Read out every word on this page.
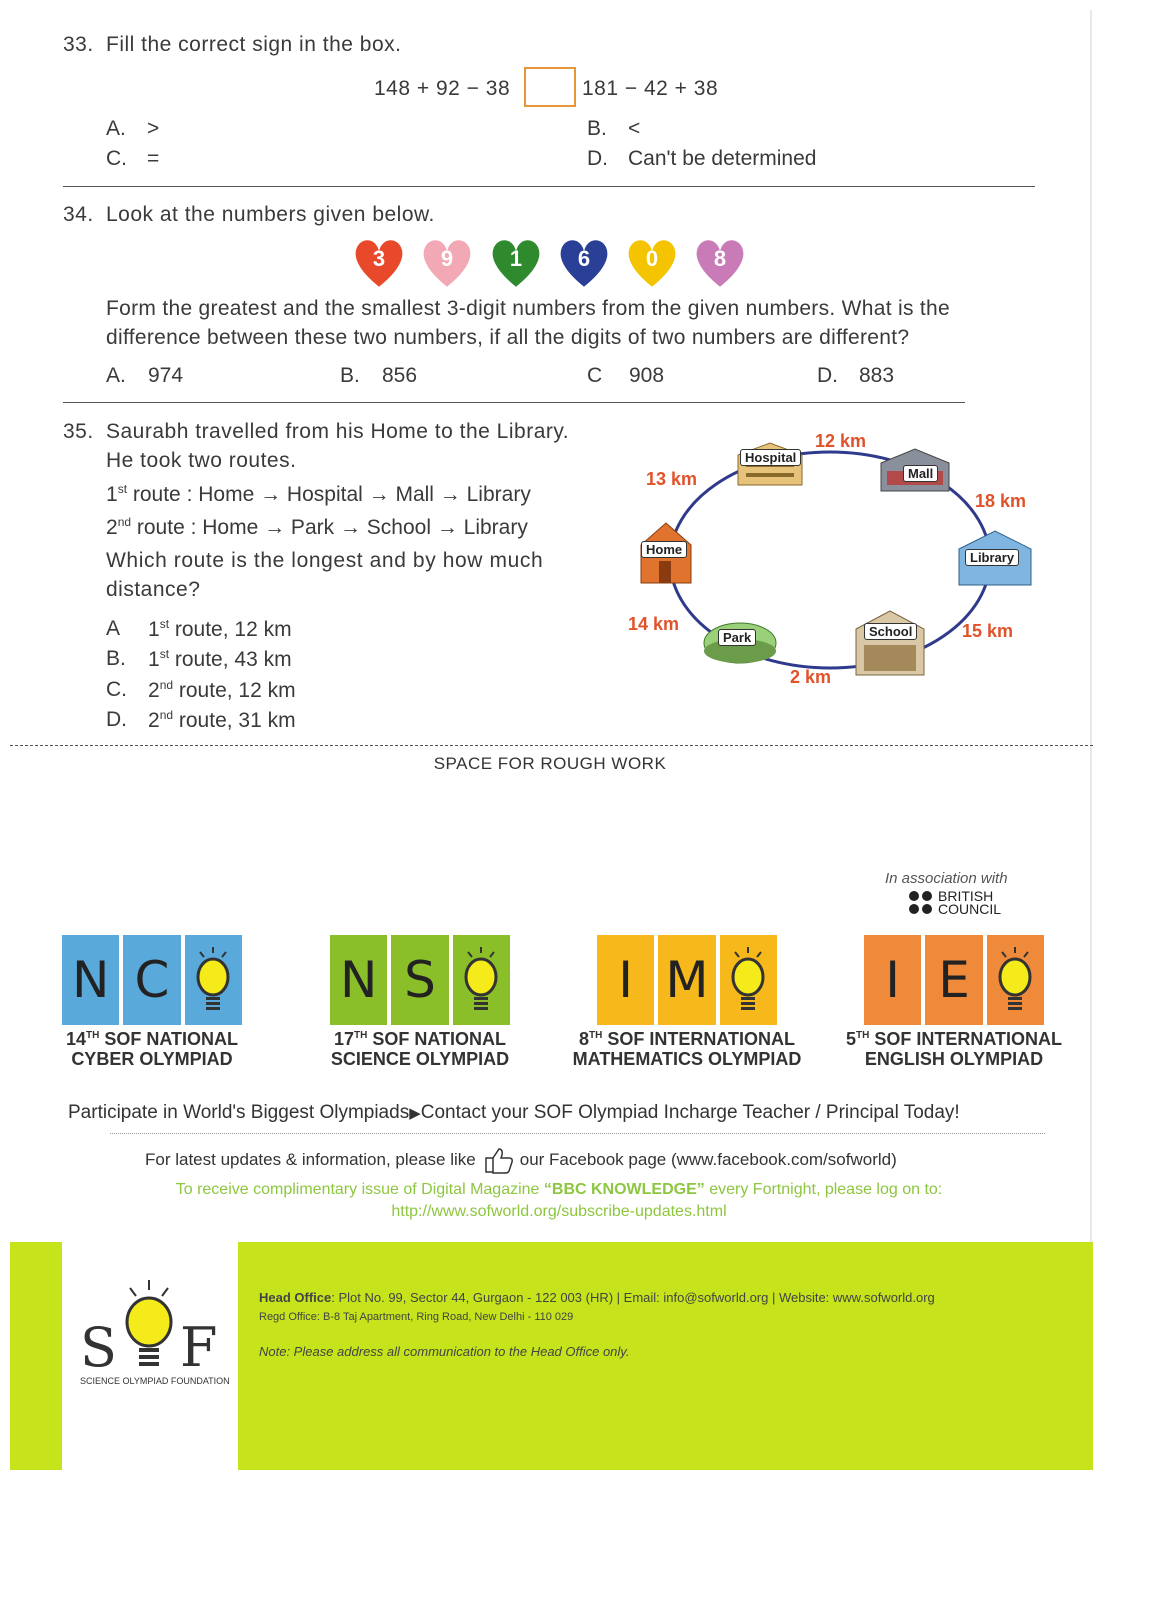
33. Fill the correct sign in the box.
148 + 92 − 38	181 − 42 + 38
A. >	B. <
C. =	D. Can't be determined
34. Look at the numbers given below.
3	9	1	6	0	8
Form the greatest and the smallest 3-digit numbers from the given numbers. What is the
difference between these two numbers, if all the digits of two numbers are different?
A. 974	B. 856	C 908	D. 883
35. Saurabh travelled from his Home to the Library.
He took two routes.
1st route : Home → Hospital → Mall → Library
2nd route : Home → Park → School → Library
Which route is the longest and by how much
distance?
A 1st route, 12 km
B. 1st route, 43 km
C. 2nd route, 12 km
D. 2nd route, 31 km
Hospital
Mall
Home
Library
Park	School
13 km
12 km
18 km
14 km
2 km
15 km
SPACE FOR ROUGH WORK
In association with
BRITISH
COUNCIL
N C
14TH SOF NATIONAL
CYBER OLYMPIAD
N S
17TH SOF NATIONAL
SCIENCE OLYMPIAD
I M
8TH SOF INTERNATIONAL
MATHEMATICS OLYMPIAD
I E
5TH SOF INTERNATIONAL
ENGLISH OLYMPIAD
Participate in World's Biggest Olympiads▶Contact your SOF Olympiad Incharge Teacher / Principal Today!
For latest updates & information, please like	our Facebook page (www.facebook.com/sofworld)
To receive complimentary issue of Digital Magazine “BBC KNOWLEDGE” every Fortnight, please log on to:
http://www.sofworld.org/subscribe-updates.html
S F
SCIENCE OLYMPIAD FOUNDATION
Head Office: Plot No. 99, Sector 44, Gurgaon - 122 003 (HR) | Email: info@sofworld.org | Website: www.sofworld.org
Regd Office: B-8 Taj Apartment, Ring Road, New Delhi - 110 029
Note: Please address all communication to the Head Office only.
